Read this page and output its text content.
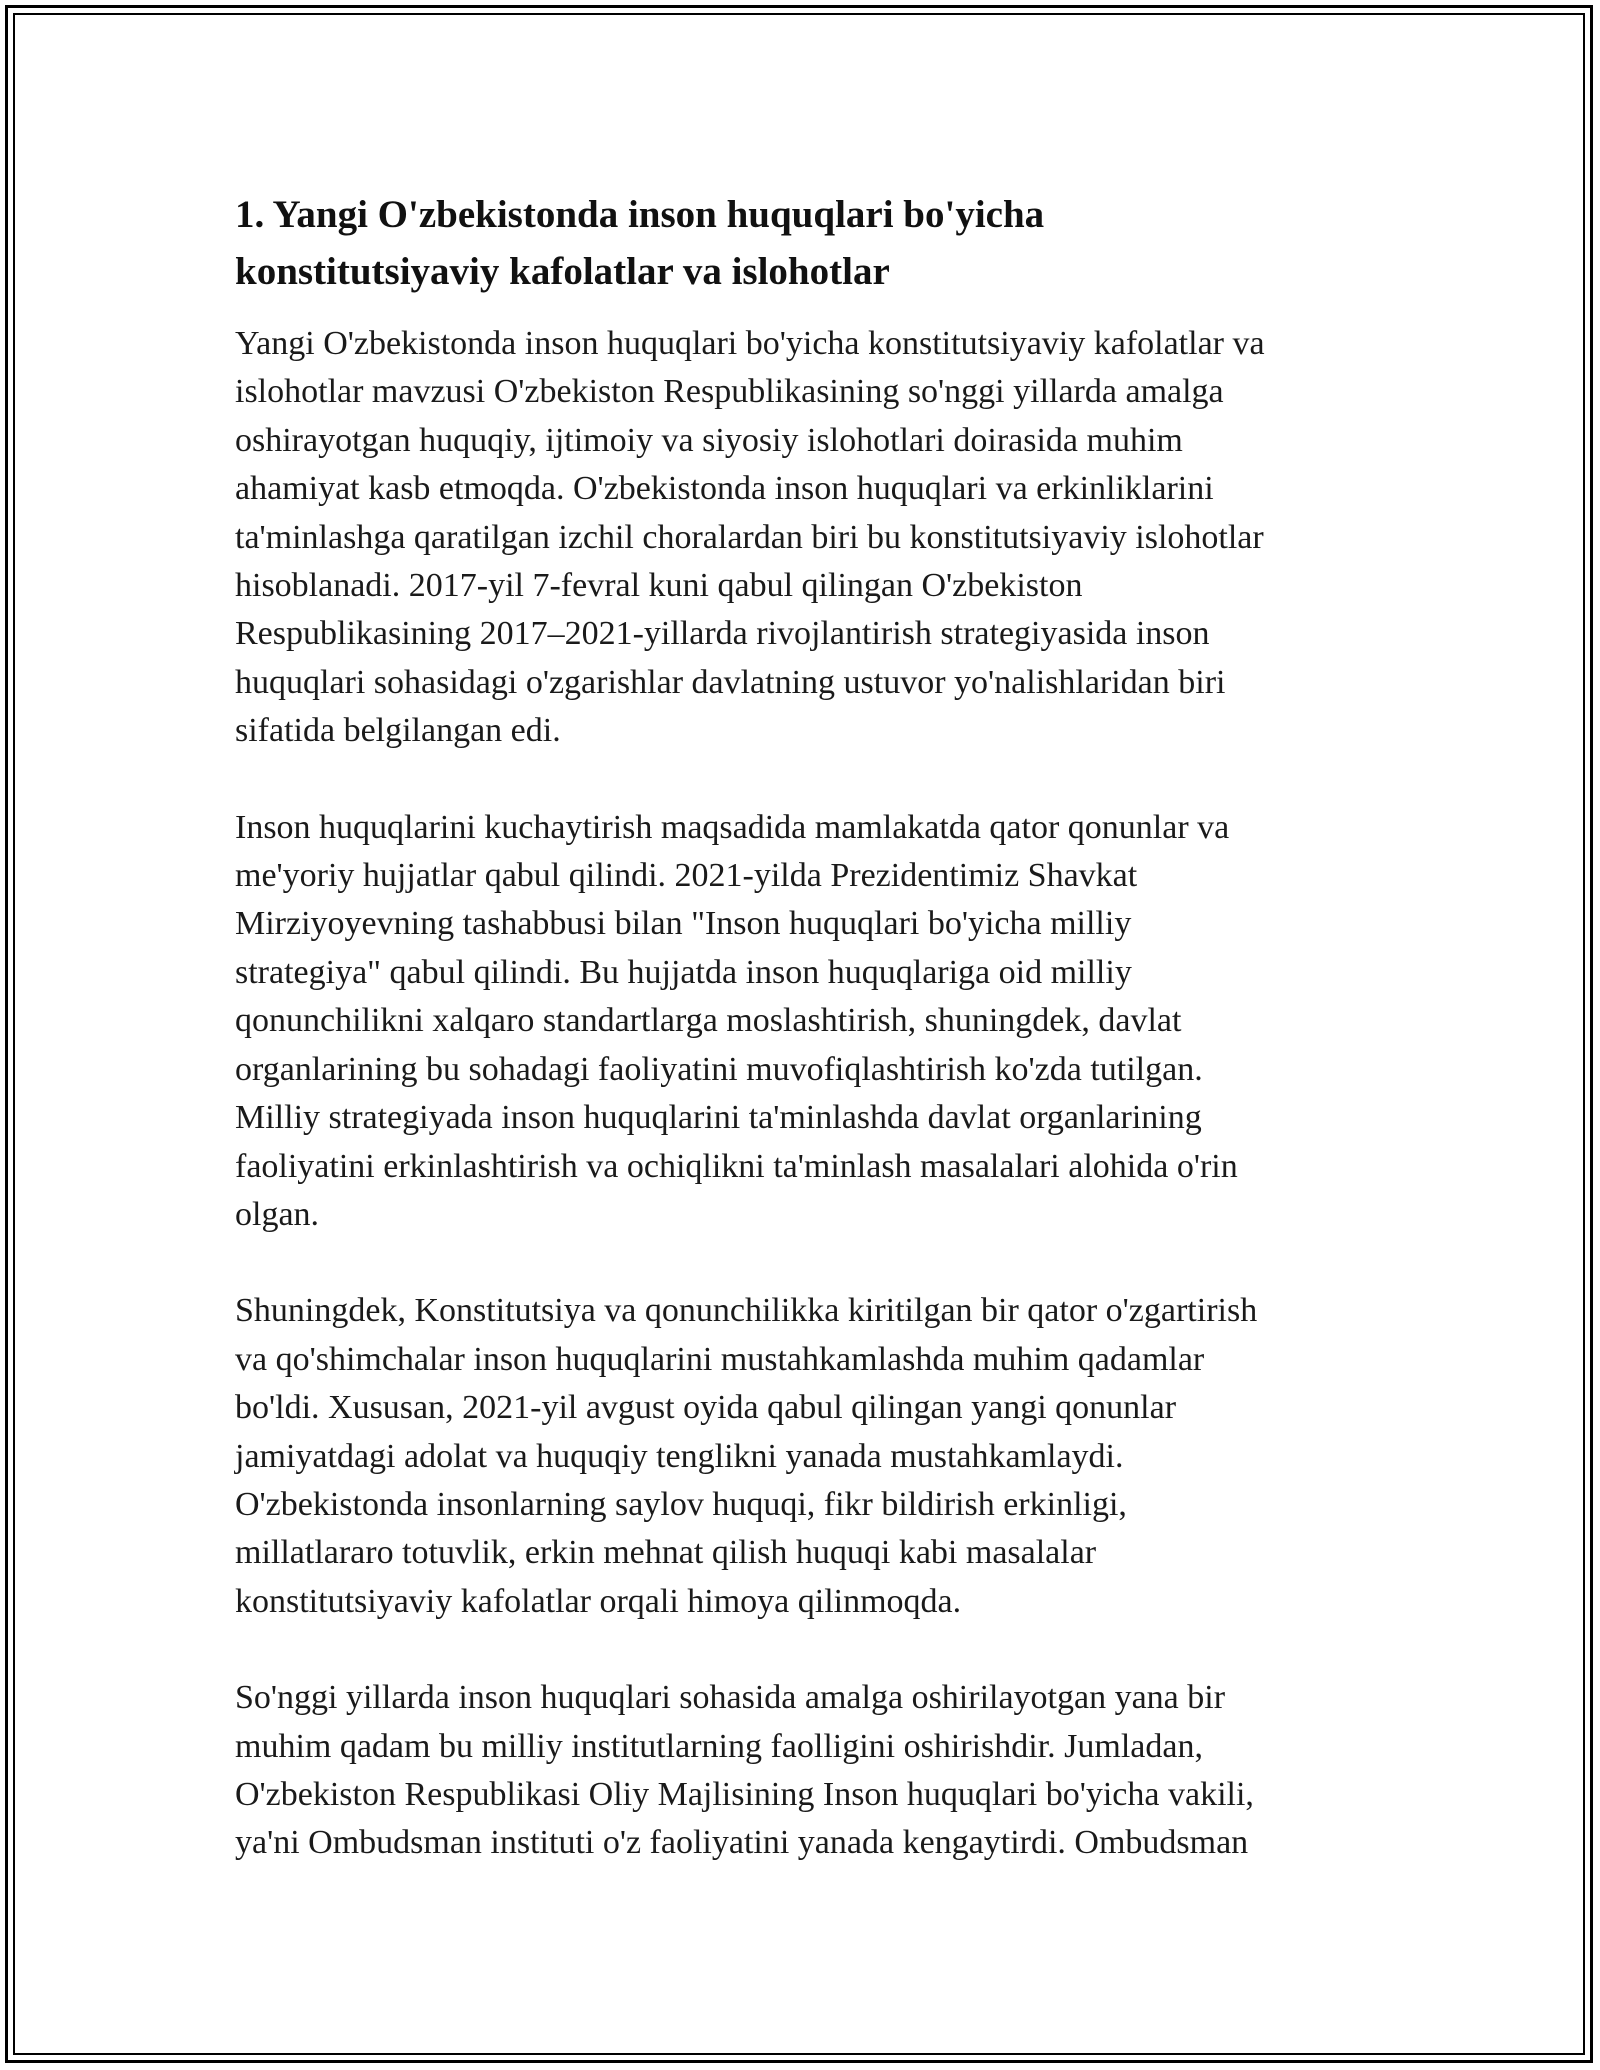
1. Yangi O'zbekistonda inson huquqlari bo'yicha
konstitutsiyaviy kafolatlar va islohotlar

Yangi O'zbekistonda inson huquqlari bo'yicha konstitutsiyaviy kafolatlar va
islohotlar mavzusi O'zbekiston Respublikasining so'nggi yillarda amalga
oshirayotgan huquqiy, ijtimoiy va siyosiy islohotlari doirasida muhim
ahamiyat kasb etmoqda. O'zbekistonda inson huquqlari va erkinliklarini
ta'minlashga qaratilgan izchil choralardan biri bu konstitutsiyaviy islohotlar
hisoblanadi. 2017-yil 7-fevral kuni qabul qilingan O'zbekiston
Respublikasining 2017–2021-yillarda rivojlantirish strategiyasida inson
huquqlari sohasidagi o'zgarishlar davlatning ustuvor yo'nalishlaridan biri
sifatida belgilangan edi.

Inson huquqlarini kuchaytirish maqsadida mamlakatda qator qonunlar va
me'yoriy hujjatlar qabul qilindi. 2021-yilda Prezidentimiz Shavkat
Mirziyoyevning tashabbusi bilan "Inson huquqlari bo'yicha milliy
strategiya" qabul qilindi. Bu hujjatda inson huquqlariga oid milliy
qonunchilikni xalqaro standartlarga moslashtirish, shuningdek, davlat
organlarining bu sohadagi faoliyatini muvofiqlashtirish ko'zda tutilgan.
Milliy strategiyada inson huquqlarini ta'minlashda davlat organlarining
faoliyatini erkinlashtirish va ochiqlikni ta'minlash masalalari alohida o'rin
olgan.

Shuningdek, Konstitutsiya va qonunchilikka kiritilgan bir qator o'zgartirish
va qo'shimchalar inson huquqlarini mustahkamlashda muhim qadamlar
bo'ldi. Xususan, 2021-yil avgust oyida qabul qilingan yangi qonunlar
jamiyatdagi adolat va huquqiy tenglikni yanada mustahkamlaydi.
O'zbekistonda insonlarning saylov huquqi, fikr bildirish erkinligi,
millatlararo totuvlik, erkin mehnat qilish huquqi kabi masalalar
konstitutsiyaviy kafolatlar orqali himoya qilinmoqda.

So'nggi yillarda inson huquqlari sohasida amalga oshirilayotgan yana bir
muhim qadam bu milliy institutlarning faolligini oshirishdir. Jumladan,
O'zbekiston Respublikasi Oliy Majlisining Inson huquqlari bo'yicha vakili,
ya'ni Ombudsman instituti o'z faoliyatini yanada kengaytirdi. Ombudsman
